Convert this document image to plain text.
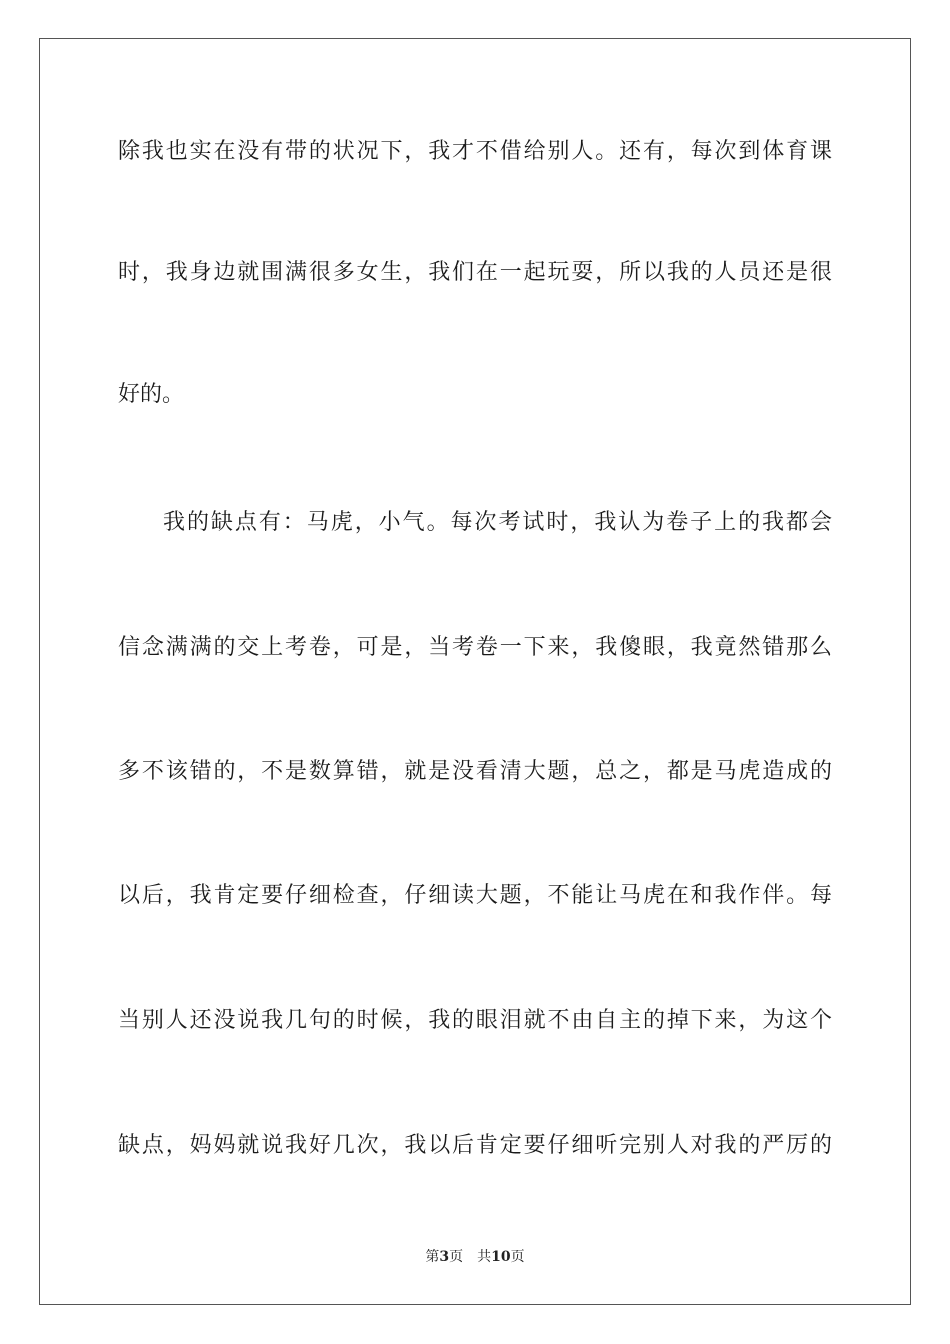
除我也实在没有带的状况下，我才不借给别人。还有，每次到体育课
时，我身边就围满很多女生，我们在一起玩耍，所以我的人员还是很
好的。
我的缺点有：马虎，小气。每次考试时，我认为卷子上的我都会
信念满满的交上考卷，可是，当考卷一下来，我傻眼，我竟然错那么
多不该错的，不是数算错，就是没看清大题，总之，都是马虎造成的
以后，我肯定要仔细检查，仔细读大题，不能让马虎在和我作伴。每
当别人还没说我几句的时候，我的眼泪就不由自主的掉下来，为这个
缺点，妈妈就说我好几次，我以后肯定要仔细听完别人对我的严厉的
第3页 共10页
